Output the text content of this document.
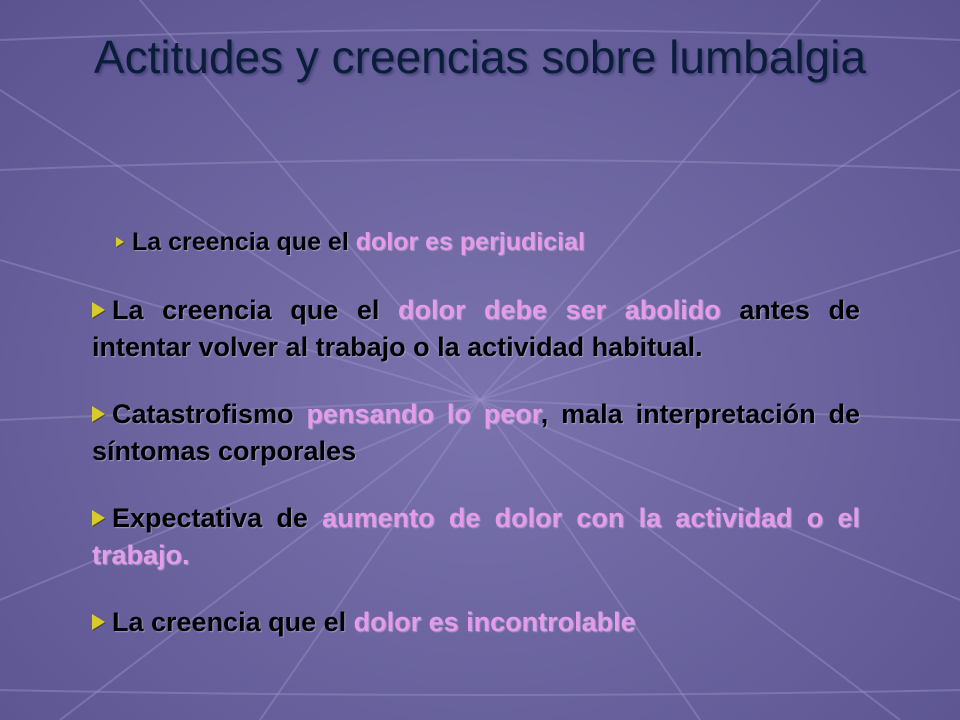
Actitudes y creencias sobre lumbalgia

La creencia que el dolor es perjudicial

La creencia que el dolor debe ser abolido antes de intentar volver al trabajo o la actividad habitual.

Catastrofismo pensando lo peor, mala interpretación de síntomas corporales

Expectativa de aumento de dolor con la actividad o el trabajo.

La creencia que el dolor es incontrolable
